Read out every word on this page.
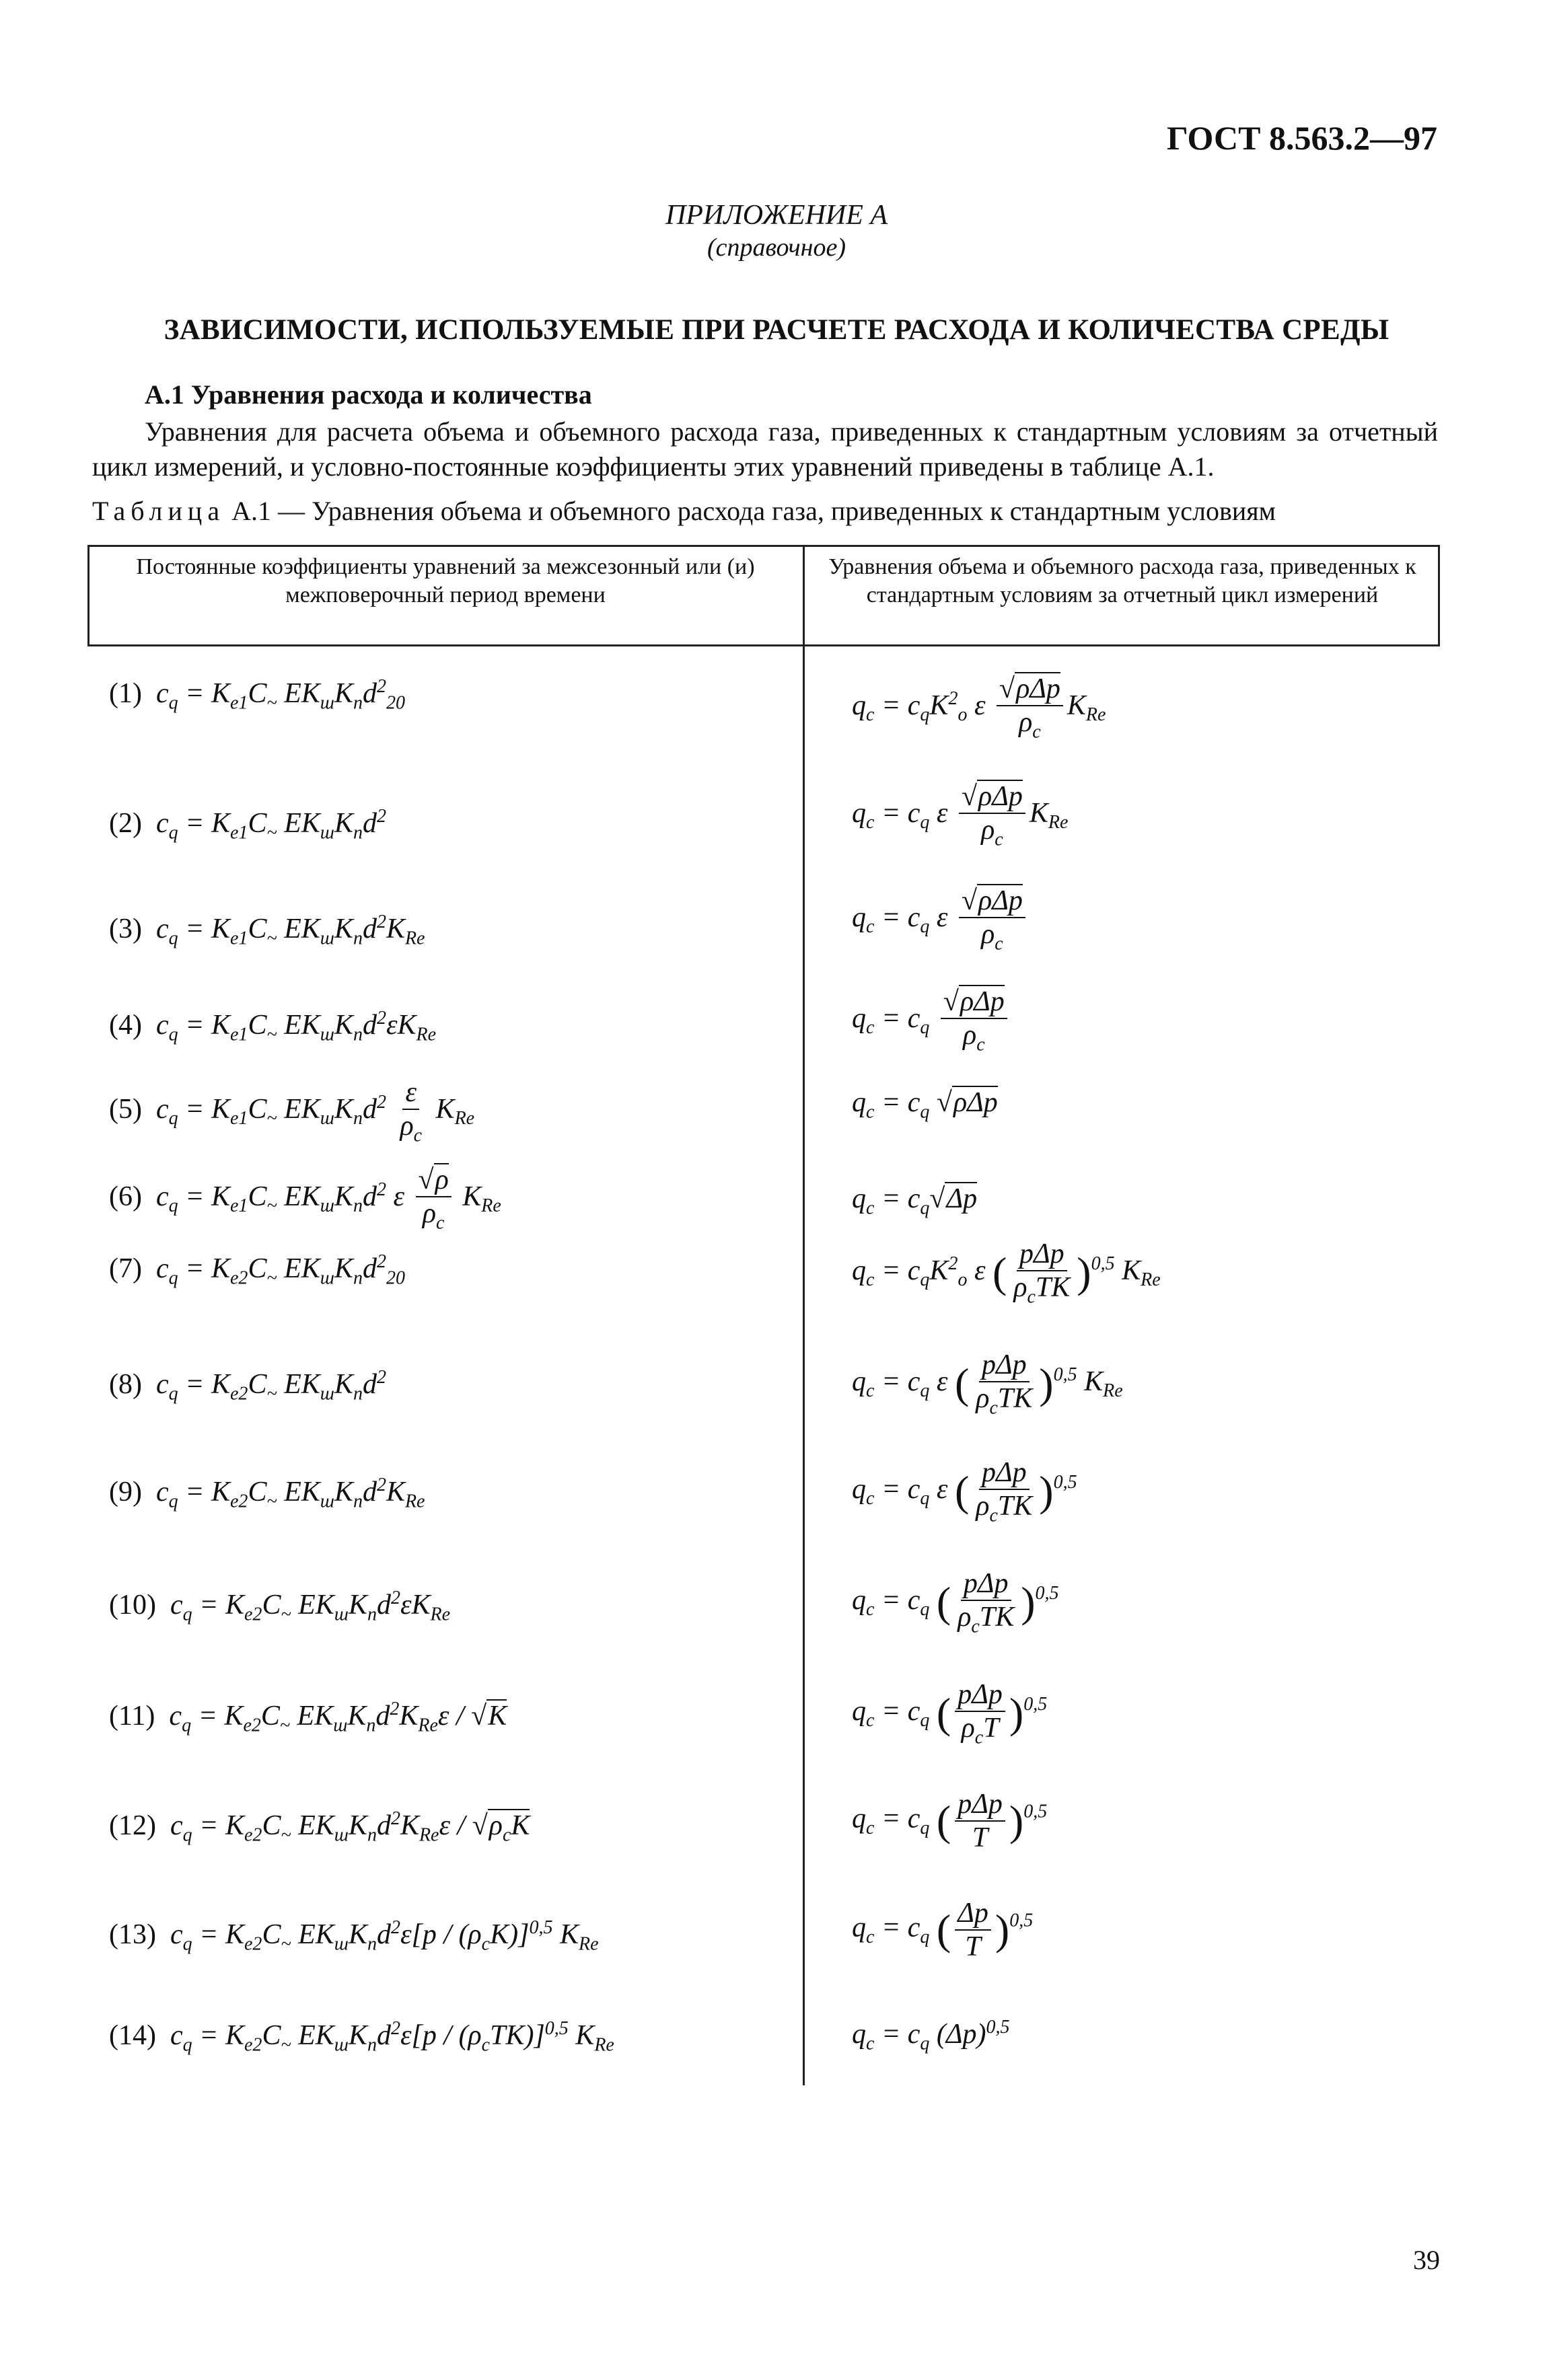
ГОСТ 8.563.2—97
ПРИЛОЖЕНИЕ А
(справочное)
ЗАВИСИМОСТИ, ИСПОЛЬЗУЕМЫЕ ПРИ РАСЧЕТЕ РАСХОДА И КОЛИЧЕСТВА СРЕДЫ
А.1 Уравнения расхода и количества
Уравнения для расчета объема и объемного расхода газа, приведенных к стандартным условиям за отчетный цикл измерений, и условно-постоянные коэффициенты этих уравнений приведены в таблице А.1.
Таблица А.1 — Уравнения объема и объемного расхода газа, приведенных к стандартным условиям
Постоянные коэффициенты уравнений за межсезонный или (и) межповерочный период времени
Уравнения объема и объемного расхода газа, приведенных к стандартным условиям за отчетный цикл измерений
(1)  $c_q = K_{e1}C_\sim$ $EK_шK_пd^2_{20}$
(2)  $c_q = K_{e1}C_\sim$ $EK_шK_пd^2$
(3)  $c_q = K_{e1}C_\sim$ $EK_шK_пd^2K_{Re}$
(4)  $c_q = K_{e1}C_\sim$ $EK_шK_пd^2\varepsilon K_{Re}$
(5)  $c_q = K_{e1}C_\sim$ $EK_шK_пd^2 \frac{\varepsilon}{\rho_c} K_{Re}$
(6)  $c_q = K_{e1}C_\sim$ $EK_шK_пd^2$ ε $\frac{√\rho}{\rho_c} K_{Re}$
(7)  $c_q = K_{e2}C_\sim$ $EK_шK_пd^2_{20}$
(8)  $c_q = K_{e2}C_\sim$ $EK_шK_пd^2$
(9)  $c_q = K_{e2}C_\sim$ $EK_шK_пd^2K_{Re}$
(10)  $c_q = K_{e2}C_\sim$ $EK_шK_пd^2\varepsilon K_{Re}$
(11)  $c_q = K_{e2}C_\sim$ $EK_шK_пd^2K_{Re}\varepsilon / √K$
(12)  $c_q = K_{e2}C_\sim$ $EK_шK_пd^2K_{Re}\varepsilon / √\rho_cK$
(13)  $c_q = K_{e2}C_\sim$ $EK_шK_пd^2\varepsilon[p / (\rho_cK)]^{0,5}$ $K_{Re}$
(14)  $c_q = K_{e2}C_\sim$ $EK_шK_пd^2\varepsilon[p / (\rho_cTK)]^{0,5}$ $K_{Re}$
$q_c = c_qK^2_o$ ε $\frac{\text{√ρΔp}}{\rho_c} K_{Re}$
$q_c = c_q$ ε $\frac{\text{√ρΔp}}{\rho_c} K_{Re}$
$q_c = c_q$ ε $\frac{\text{√ρΔp}}{\rho_c}$
$q_c = c_q \frac{\text{√ρΔp}}{\rho_c}$
$q_c = c_q$ √ρΔp
$q_c = c_q√\Delta p$
$q_c = c_qK^2_o$ ε ( $\frac{\text{pΔp}}{\rho_cTK} )^{0,5}$ $K_{Re}$
$q_c = c_q$ ε ( $\frac{\text{pΔp}}{\rho_cTK} )^{0,5}$ $K_{Re}$
$q_c = c_q$ ε ( $\frac{\text{pΔp}}{\rho_cTK} )^{0,5}$
$q_c = c_q$ ( $\frac{\text{pΔp}}{\rho_cTK} )^{0,5}$
$q_c = c_q$ ( $\frac{\text{pΔp}}{\rho_cT} )^{0,5}$
$q_c = c_q$ ( $\frac{\text{pΔp}}{T} )^{0,5}$
$q_c = c_q$ ( $\frac{\Delta p}{T} )^{0,5}$
$q_c = c_q$ $(\Delta p)^{0,5}$
39
